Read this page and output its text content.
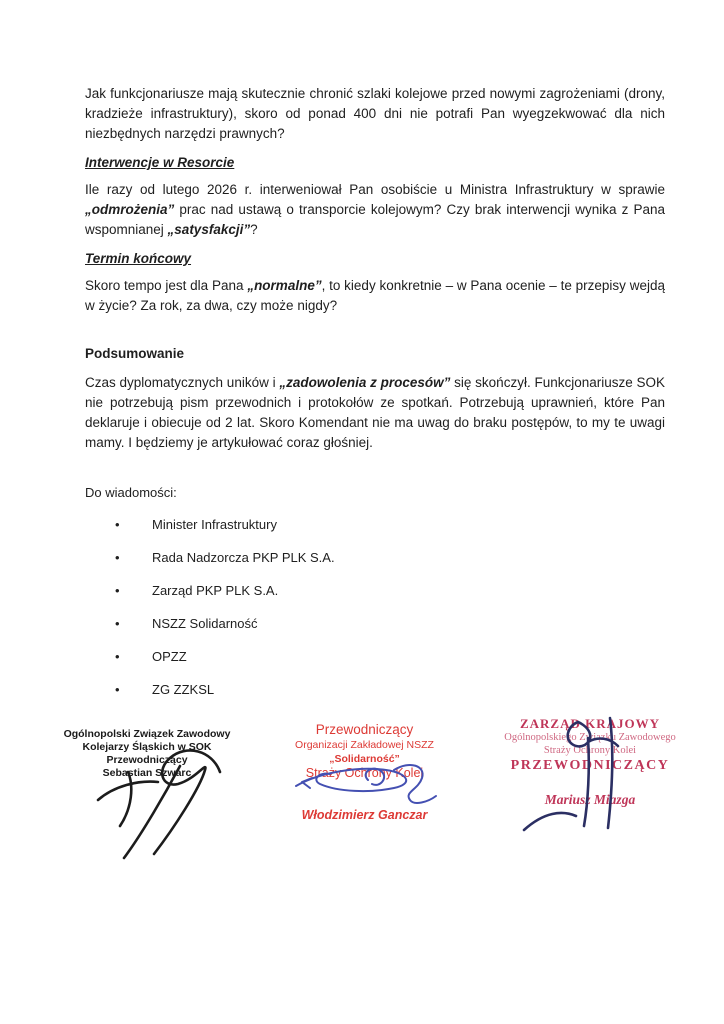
Jak funkcjonariusze mają skutecznie chronić szlaki kolejowe przed nowymi zagrożeniami (drony, kradzieże infrastruktury), skoro od ponad 400 dni nie potrafi Pan wyegzekwować dla nich niezbędnych narzędzi prawnych?

Interwencje w Resorcie

Ile razy od lutego 2026 r. interweniował Pan osobiście u Ministra Infrastruktury w sprawie „odmrożenia” prac nad ustawą o transporcie kolejowym? Czy brak interwencji wynika z Pana wspomnianej „satysfakcji”?

Termin końcowy

Skoro tempo jest dla Pana „normalne”, to kiedy konkretnie – w Pana ocenie – te przepisy wejdą w życie? Za rok, za dwa, czy może nigdy?

Podsumowanie

Czas dyplomatycznych uników i „zadowolenia z procesów” się skończył. Funkcjonariusze SOK nie potrzebują pism przewodnich i protokołów ze spotkań. Potrzebują uprawnień, które Pan deklaruje i obiecuje od 2 lat. Skoro Komendant nie ma uwag do braku postępów, to my te uwagi mamy. I będziemy je artykułować coraz głośniej.

Do wiadomości:

•	Minister Infrastruktury
•	Rada Nadzorcza PKP PLK S.A.
•	Zarząd PKP PLK S.A.
•	NSZZ Solidarność
•	OPZZ
•	ZG ZZKSL
Ogólnopolski Związek Zawodowy
Kolejarzy Śląskich w SOK
Przewodniczący
Sebastian Szwarc
Przewodniczący
Organizacji Zakładowej NSZZ „Solidarność”
Straży Ochrony Kolei
Włodzimierz Ganczar
ZARZĄD KRAJOWY
Ogólnopolskiego Związku Zawodowego
Straży Ochrony Kolei
PRZEWODNICZĄCY
Mariusz Miazga
